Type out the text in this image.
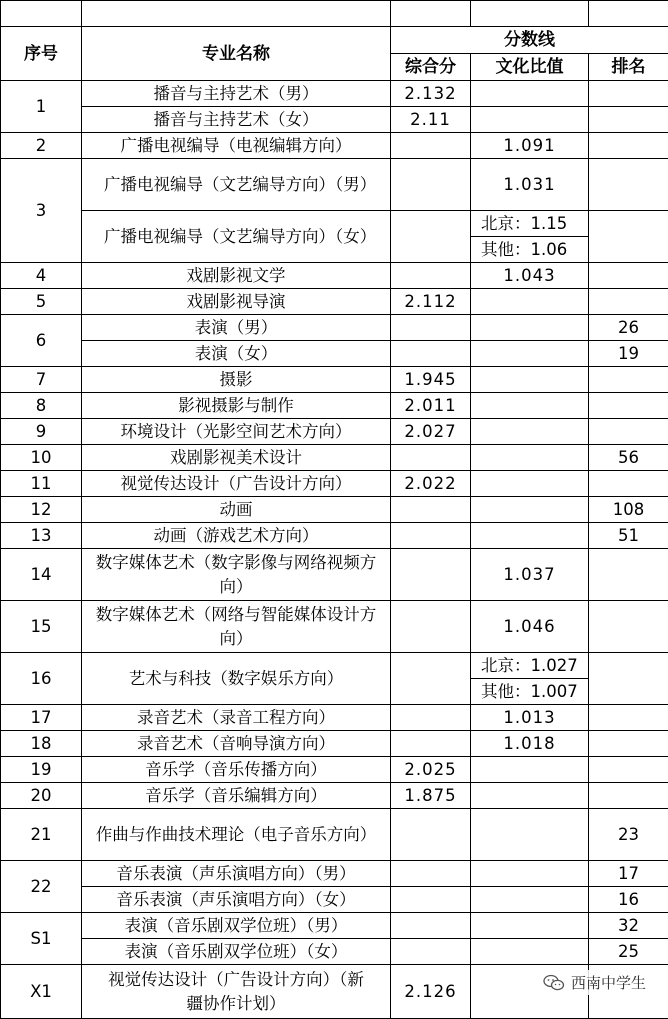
序号	专业名称	分数线		
		综合分	文化比值	排名
1	播音与主持艺术（男）	2.132		
	播音与主持艺术（女）	2.11		
2	广播电视编导（电视编辑方向）		1.091	
3	广播电视编导（文艺编导方向）（男）		1.031	
	广播电视编导（文艺编导方向）（女）		北京：1.15	
			其他：1.06	
4	戏剧影视文学		1.043	
5	戏剧影视导演	2.112		
6	表演（男）			26
	表演（女）			19
7	摄影	1.945		
8	影视摄影与制作	2.011		
9	环境设计（光影空间艺术方向）	2.027		
10	戏剧影视美术设计			56
11	视觉传达设计（广告设计方向）	2.022		
12	动画			108
13	动画（游戏艺术方向）			51
14	数字媒体艺术（数字影像与网络视频方向）		1.037	
15	数字媒体艺术（网络与智能媒体设计方向）		1.046	
16	艺术与科技（数字娱乐方向）		北京：1.027	
			其他：1.007	
17	录音艺术（录音工程方向）		1.013	
18	录音艺术（音响导演方向）		1.018	
19	音乐学（音乐传播方向）	2.025		
20	音乐学（音乐编辑方向）	1.875		
21	作曲与作曲技术理论（电子音乐方向）			23
22	音乐表演（声乐演唱方向）（男）			17
	音乐表演（声乐演唱方向）（女）			16
S1	表演（音乐剧双学位班）（男）			32
	表演（音乐剧双学位班）（女）			25
X1	视觉传达设计（广告设计方向）（新疆协作计划）	2.126			西南中学生
